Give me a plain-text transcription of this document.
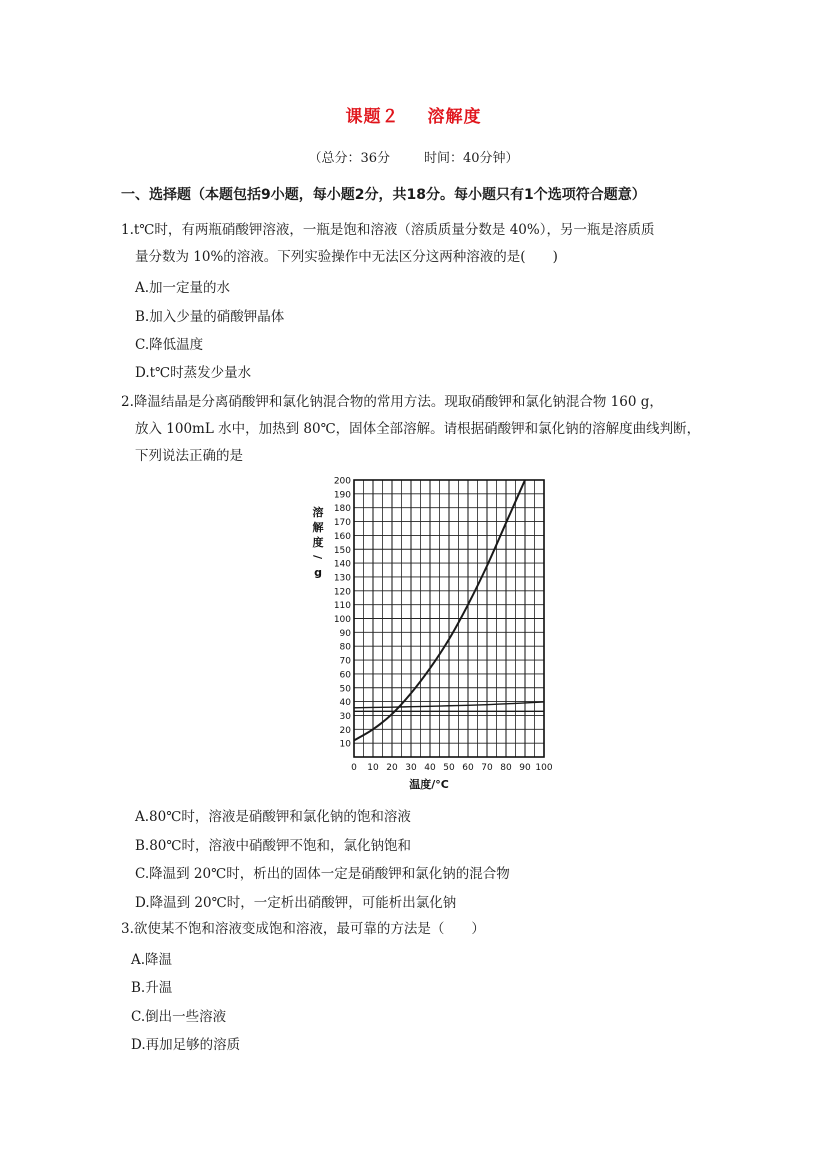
课题２ 溶解度
（总分：36分	时间：40分钟）
一、选择题（本题包括9小题，每小题2分，共18分。每小题只有1个选项符合题意）
1.t℃时，有两瓶硝酸钾溶液，一瓶是饱和溶液（溶质质量分数是 40%），另一瓶是溶质质
量分数为 10%的溶液。下列实验操作中无法区分这两种溶液的是(　　)
A.加一定量的水
B.加入少量的硝酸钾晶体
C.降低温度
D.t℃时蒸发少量水
2.降温结晶是分离硝酸钾和氯化钠混合物的常用方法。现取硝酸钾和氯化钠混合物 160 g，
放入 100mL 水中，加热到 80℃，固体全部溶解。请根据硝酸钾和氯化钠的溶解度曲线判断，
下列说法正确的是
10
20
30
40
50
60
70
80
90
100
110
120
130
140
150
160
170
180
190
200
0 10 20 30 40 50 60 70 80 90 100
温度/°C
溶
解
度
/
g
A.80℃时，溶液是硝酸钾和氯化钠的饱和溶液
B.80℃时，溶液中硝酸钾不饱和，氯化钠饱和
C.降温到 20℃时，析出的固体一定是硝酸钾和氯化钠的混合物
D.降温到 20℃时，一定析出硝酸钾，可能析出氯化钠
3.欲使某不饱和溶液变成饱和溶液，最可靠的方法是（　　）
A.降温
B.升温
C.倒出一些溶液
D.再加足够的溶质
